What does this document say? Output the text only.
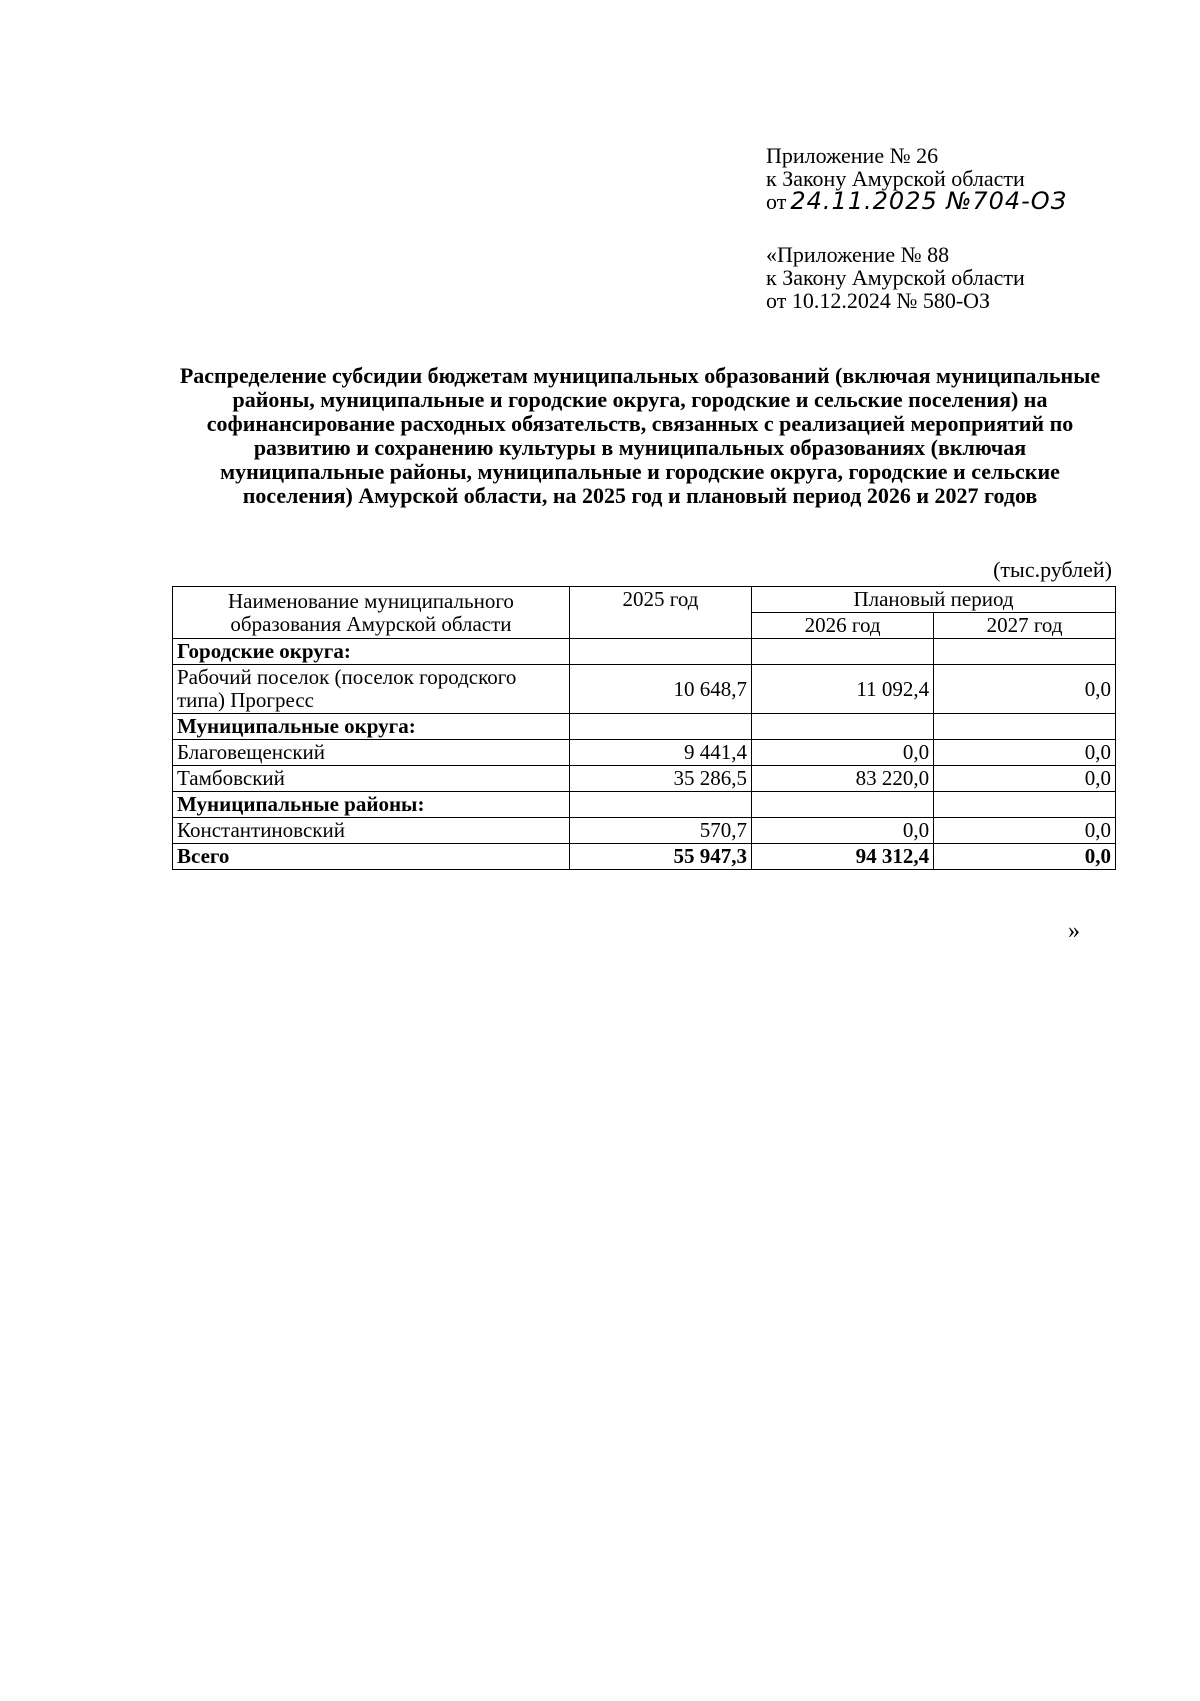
Приложение № 26
к Закону Амурской области
от 24.11.2025 №704-ОЗ
«Приложение № 88
к Закону Амурской области
от 10.12.2024 № 580-ОЗ
Распределение субсидии бюджетам муниципальных образований (включая муниципальные районы, муниципальные и городские округа, городские и сельские поселения) на софинансирование расходных обязательств, связанных с реализацией мероприятий по развитию и сохранению культуры в муниципальных образованиях (включая муниципальные районы, муниципальные и городские округа, городские и сельские поселения) Амурской области, на 2025 год и плановый период 2026 и 2027 годов
(тыс.рублей)
Наименование муниципального образования Амурской области	2025 год	Плановый период	
		2026 год	2027 год
Городские округа:			
Рабочий поселок (поселок городского типа) Прогресс	10 648,7	11 092,4	0,0
Муниципальные округа:			
Благовещенский	9 441,4	0,0	0,0
Тамбовский	35 286,5	83 220,0	0,0
Муниципальные районы:			
Константиновский	570,7	0,0	0,0
Всего	55 947,3	94 312,4	0,0
»
